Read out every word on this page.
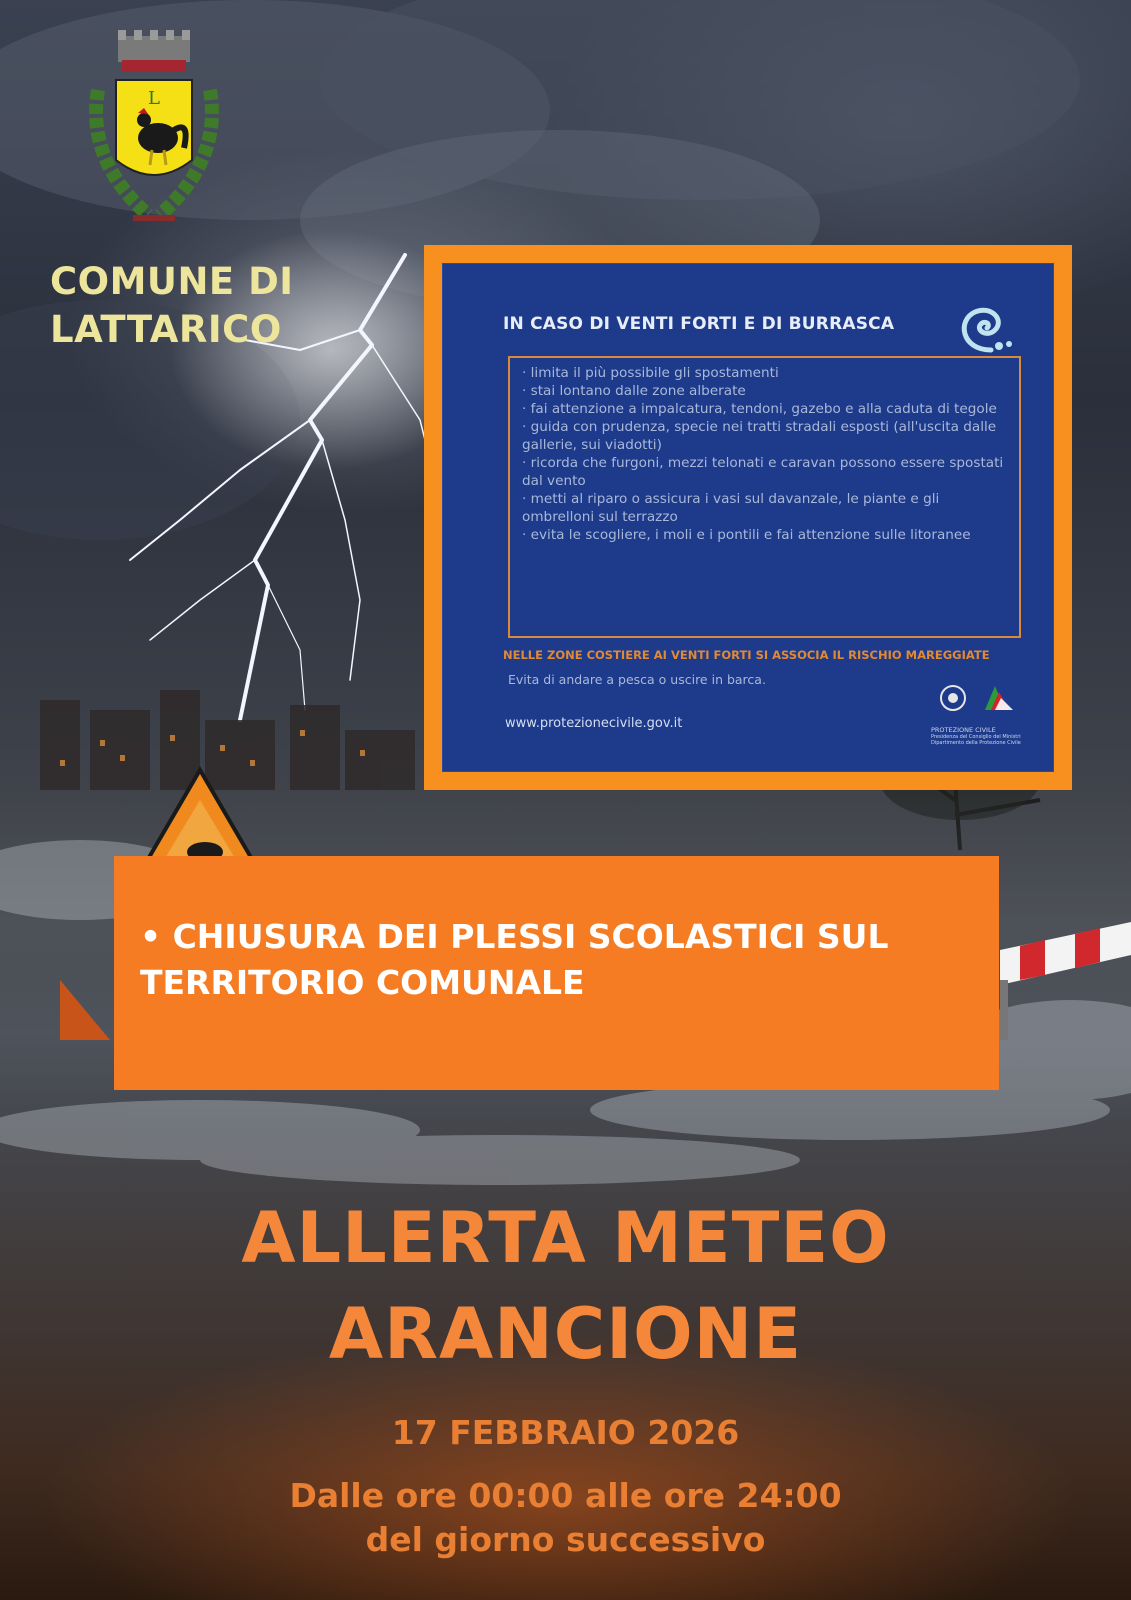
L
COMUNE DI
LATTARICO	IN CASO DI VENTI FORTI E DI BURRASCA
· limita il più possibile gli spostamenti
· stai lontano dalle zone alberate
· fai attenzione a impalcatura, tendoni, gazebo e alla caduta di tegole
· guida con prudenza, specie nei tratti stradali esposti (all'uscita dalle gallerie, sui viadotti)
· ricorda che furgoni, mezzi telonati e caravan possono essere spostati dal vento
· metti al riparo o assicura i vasi sul davanzale, le piante e gli ombrelloni sul terrazzo
· evita le scogliere, i moli e i pontili e fai attenzione sulle litoranee
NELLE ZONE COSTIERE AI VENTI FORTI SI ASSOCIA IL RISCHIO MAREGGIATE
Evita di andare a pesca o uscire in barca.
www.protezionecivile.gov.it	PROTEZIONE CIVILE
Presidenza del Consiglio dei Ministri Dipartimento della Protezione Civile
• CHIUSURA DEI PLESSI SCOLASTICI SUL TERRITORIO COMUNALE
ALLERTA METEO
ARANCIONE
17 FEBBRAIO 2026
Dalle ore 00:00 alle ore 24:00
del giorno successivo
